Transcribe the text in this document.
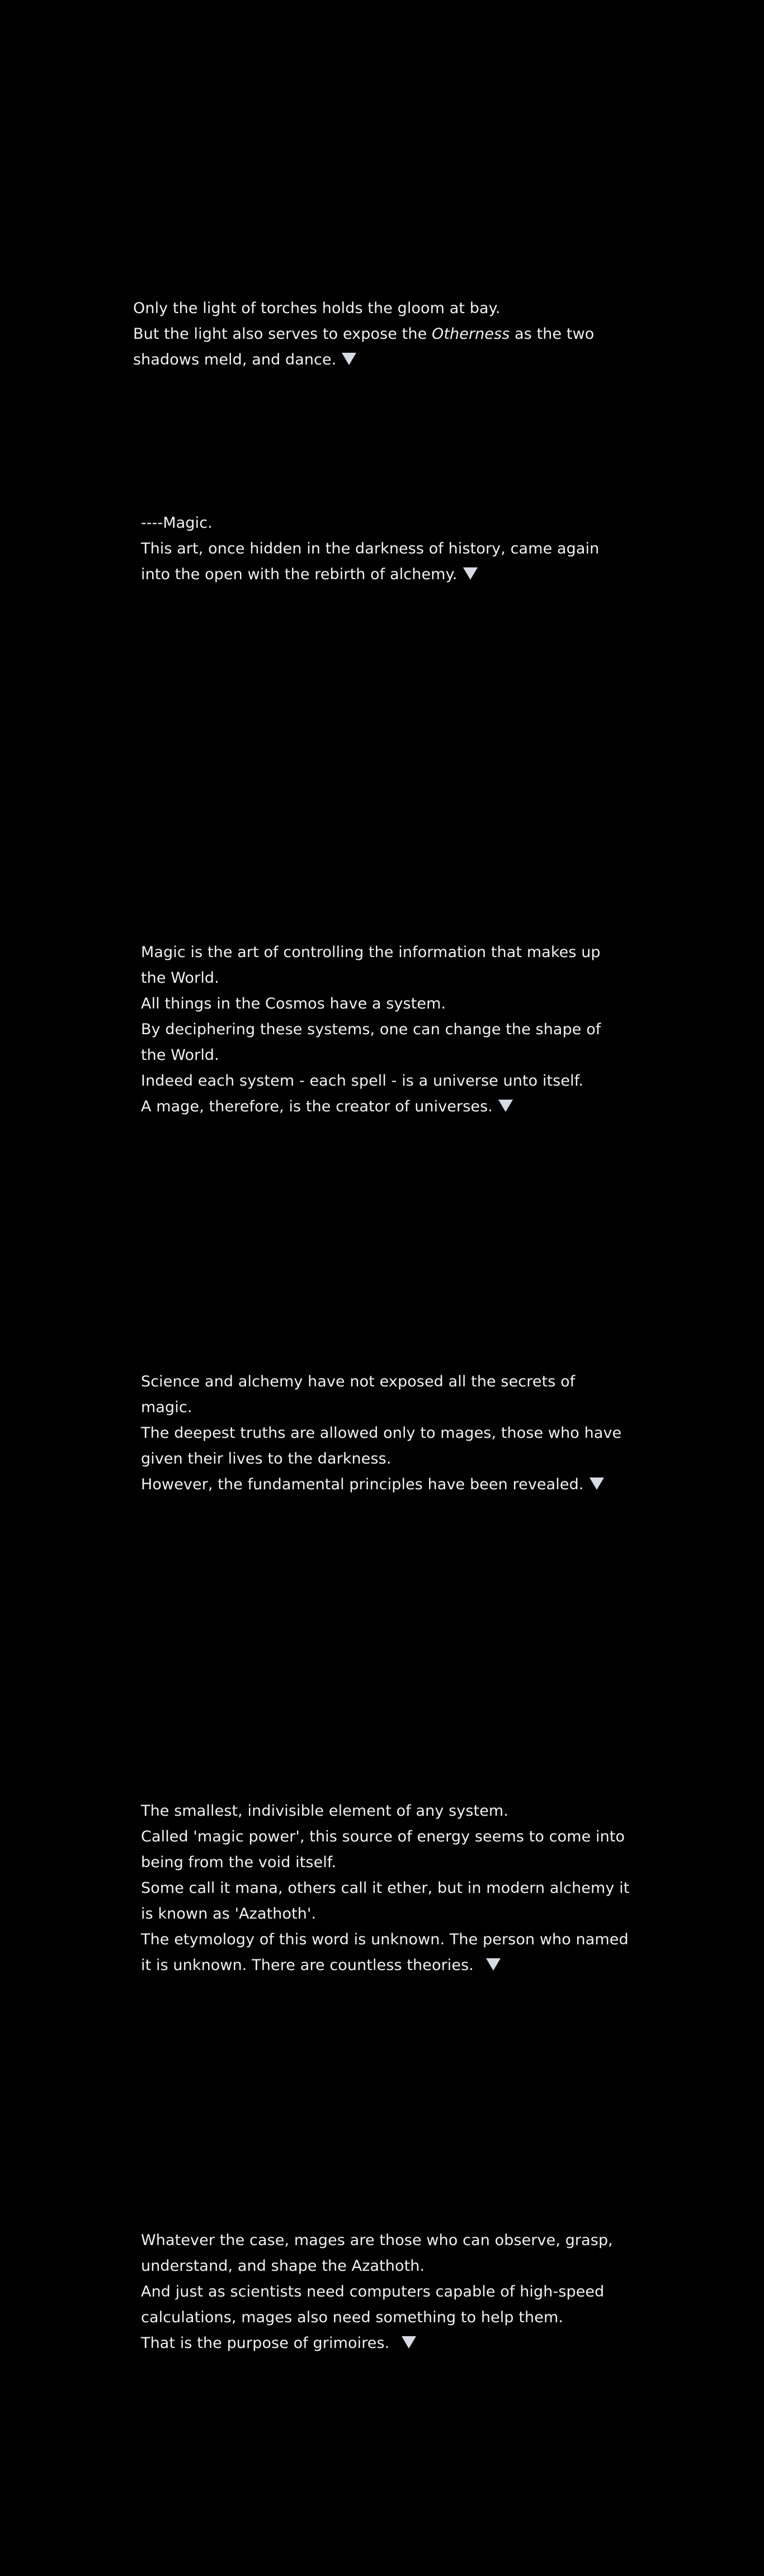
Only the light of torches holds the gloom at bay.
But the light also serves to expose the Otherness as the two
shadows meld, and dance.
----Magic.
This art, once hidden in the darkness of history, came again
into the open with the rebirth of alchemy.
Magic is the art of controlling the information that makes up
the World.
All things in the Cosmos have a system.
By deciphering these systems, one can change the shape of
the World.
Indeed each system - each spell - is a universe unto itself.
A mage, therefore, is the creator of universes.
Science and alchemy have not exposed all the secrets of
magic.
The deepest truths are allowed only to mages, those who have
given their lives to the darkness.
However, the fundamental principles have been revealed.
The smallest, indivisible element of any system.
Called 'magic power', this source of energy seems to come into
being from the void itself.
Some call it mana, others call it ether, but in modern alchemy it
is known as 'Azathoth'.
The etymology of this word is unknown. The person who named
it is unknown. There are countless theories.
Whatever the case, mages are those who can observe, grasp,
understand, and shape the Azathoth.
And just as scientists need computers capable of high-speed
calculations, mages also need something to help them.
That is the purpose of grimoires.
